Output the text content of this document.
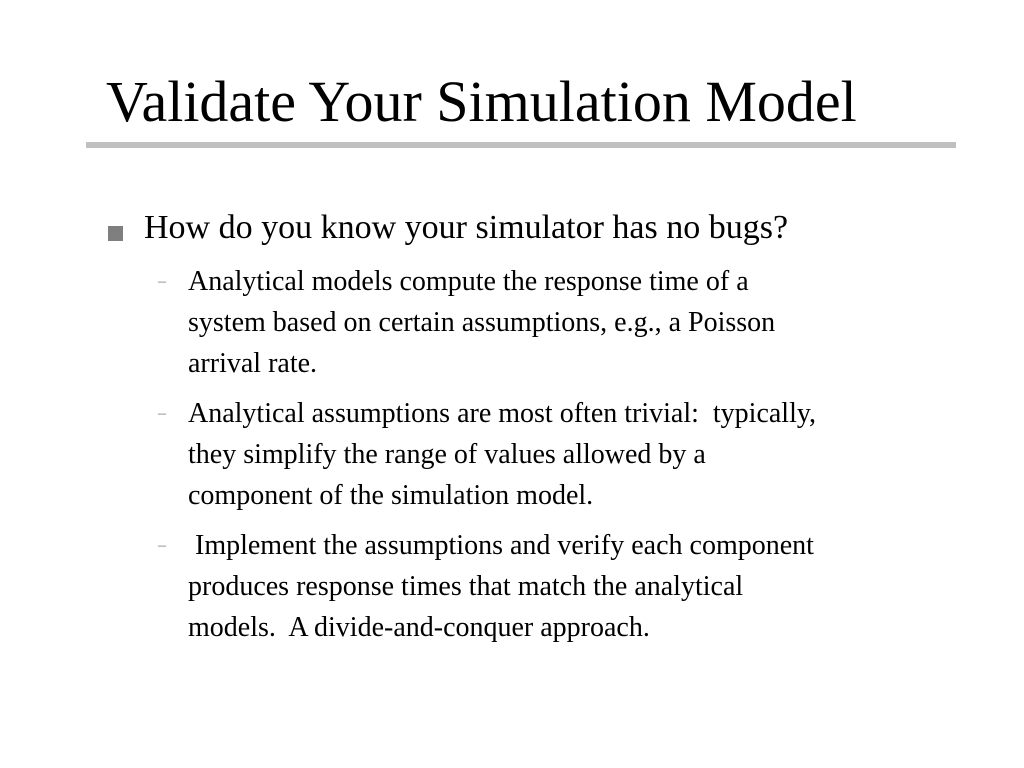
Validate Your Simulation Model
How do you know your simulator has no bugs?
– Analytical models compute the response time of a
system based on certain assumptions, e.g., a Poisson
arrival rate.
– Analytical assumptions are most often trivial:  typically,
they simplify the range of values allowed by a
component of the simulation model.
– Implement the assumptions and verify each component
produces response times that match the analytical
models.  A divide-and-conquer approach.
